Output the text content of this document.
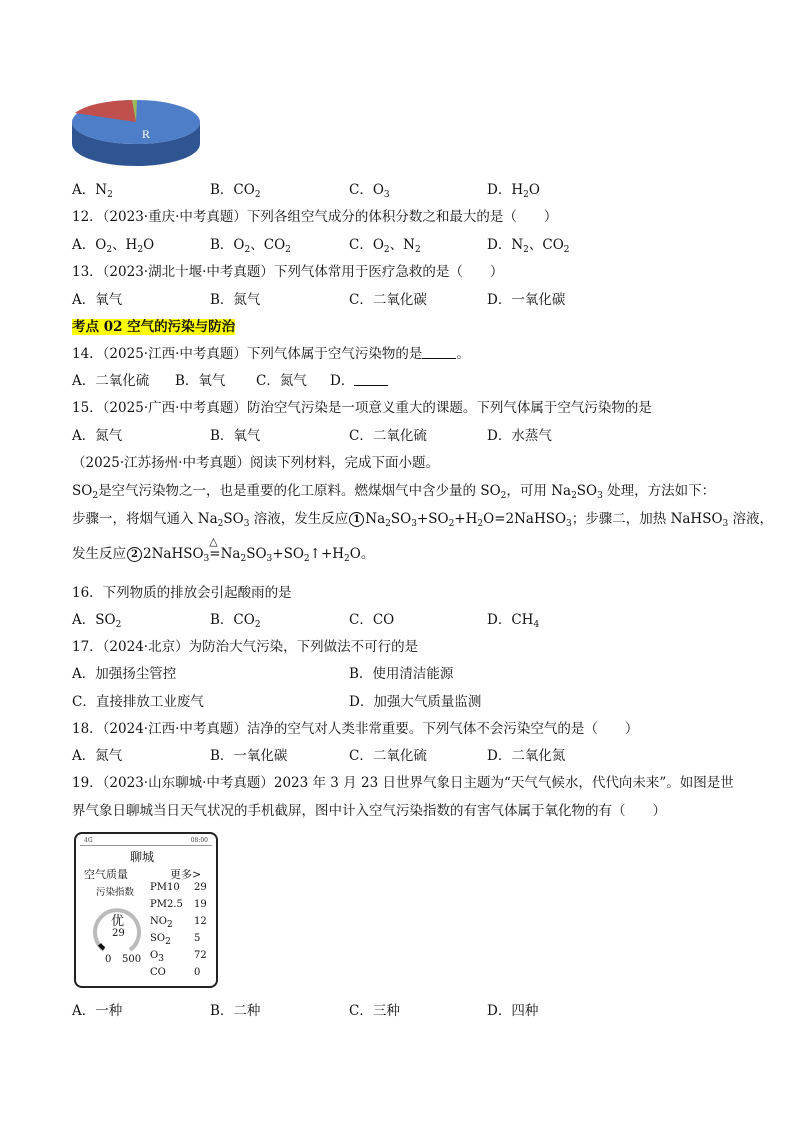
R
A．$N_2$	B．$CO_2$	C．$O_3$	D．$H_2O$
12．（2023·重庆·中考真题）下列各组空气成分的体积分数之和最大的是（　　）
A．$O_2$、$H_2O$	B．$O_2$、$CO_2$	C．$O_2$、$N_2$	D．$N_2$、$CO_2$
13．（2023·湖北十堰·中考真题）下列气体常用于医疗急救的是（　　）
A．氧气	B．氮气	C．二氧化碳	D．一氧化碳
考点 02 空气的污染与防治
14．（2025·江西·中考真题）下列气体属于空气污染物的是	。
A．二氧化硫 B．氧气 C．氮气 D．
15．（2025·广西·中考真题）防治空气污染是一项意义重大的课题。下列气体属于空气污染物的是
A．氮气	B．氧气	C．二氧化硫	D．水蒸气
（2025·江苏扬州·中考真题）阅读下列材料，完成下面小题。
$SO_2$是空气污染物之一，也是重要的化工原料。燃煤烟气中含少量的 $SO_2$，可用 $Na_2SO_3$ 处理，方法如下：
步骤一，将烟气通入 $Na_2SO_3$ 溶液，发生反应 1 $Na_2SO_3+SO_2+H_2O=2NaHSO_3$；步骤二，加热 NaHSO$_3$ 溶液，
发生反应 2 2NaHSO$_3$
△
$=Na_2SO_3+SO_2↑+H_2O$。
16．下列物质的排放会引起酸雨的是
A．$SO_2$	B．$CO_2$	C．CO	D．$CH_4$
17．（2024·北京）为防治大气污染，下列做法不可行的是
A．加强扬尘管控	B．使用清洁能源
C．直接排放工业废气	D．加强大气质量监测
18．（2024·江西·中考真题）洁净的空气对人类非常重要。下列气体不会污染空气的是（　　）
A．氮气	B．一氧化碳	C．二氧化硫	D．二氧化氮
19．（2023·山东聊城·中考真题）2023 年 3 月 23 日世界气象日主题为“天气气候水，代代向未来”。如图是世
界气象日聊城当日天气状况的手机截屏，图中计入空气污染指数的有害气体属于氧化物的有（　　）
4G	08:00
聊城
空气质量	更多>
污染指数
优
29
0 500
PM10 29
PM2.5 19
$NO_2$ 12
$SO_2$ 5
$O_3$	72
CO	0
A．一种	B．二种	C．三种	D．四种
